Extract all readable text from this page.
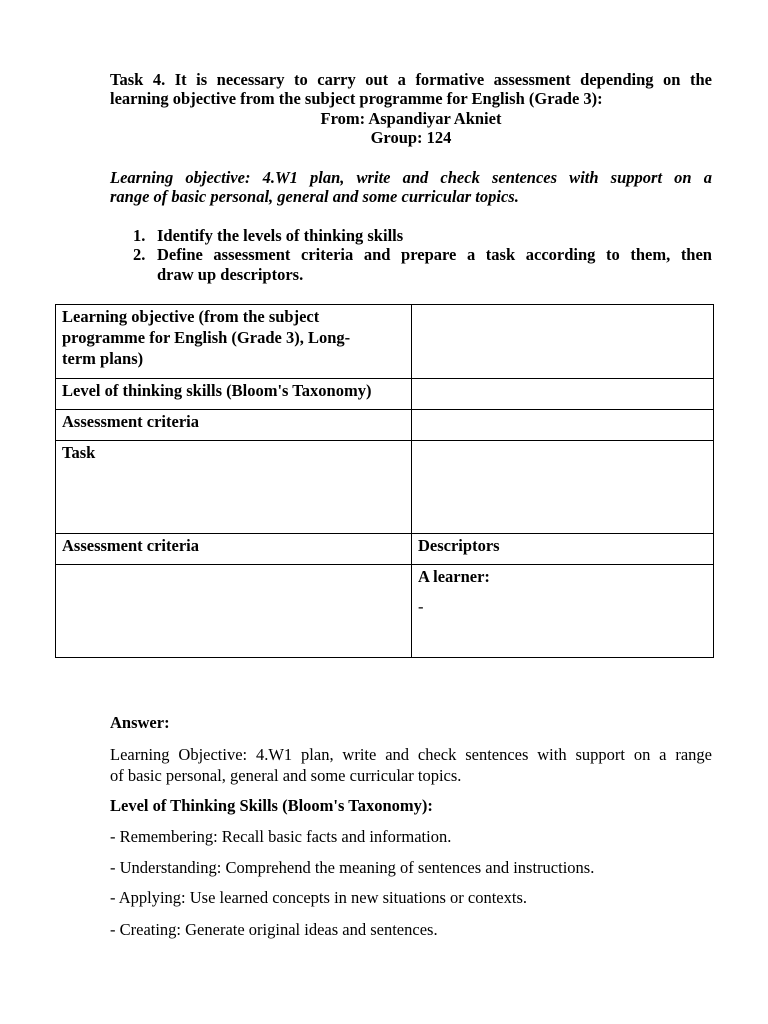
Task 4. It is necessary to carry out a formative assessment depending on the
learning objective from the subject programme for English (Grade 3):
From: Aspandiyar Akniet
Group: 124
Learning objective: 4.W1 plan, write and check sentences with support on a
range of basic personal, general and some curricular topics.
1. Identify the levels of thinking skills
2. Define assessment criteria and prepare a task according to them, then
draw up descriptors.
Learning objective (from the subject
programme for English (Grade 3), Long-
term plans)	

Level of thinking skills (Bloom's Taxonomy)	
Assessment criteria	
Task	
Assessment criteria	Descriptors

	A learner:
-
Answer:
Learning Objective: 4.W1 plan, write and check sentences with support on a range
of basic personal, general and some curricular topics.
Level of Thinking Skills (Bloom's Taxonomy):
- Remembering: Recall basic facts and information.
- Understanding: Comprehend the meaning of sentences and instructions.
- Applying: Use learned concepts in new situations or contexts.
- Creating: Generate original ideas and sentences.
